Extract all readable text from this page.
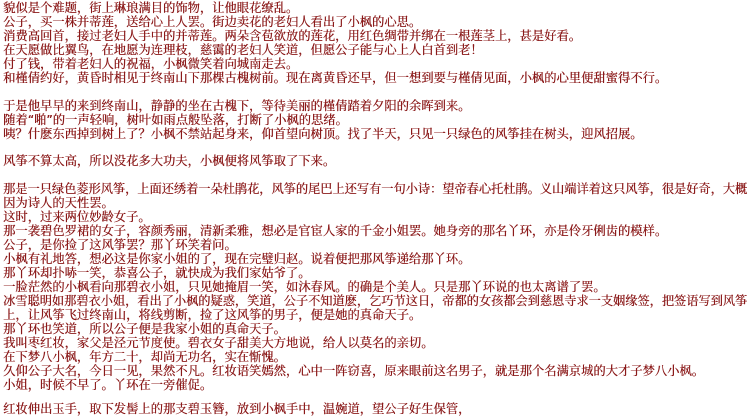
貌似是个难题，街上琳琅满目的饰物，让他眼花缭乱。
公子，买一株并蒂莲，送给心上人罢。街边卖花的老妇人看出了小枫的心思。
消费高回首，接过老妇人手中的并蒂莲。两朵含苞欲放的莲花，用红色绸带并绑在一根莲茎上，甚是好看。
在天愿做比翼鸟，在地愿为连理枝，慈霭的老妇人笑道，但愿公子能与心上人白首到老！
付了钱，带着老妇人的祝福，小枫微笑着向城南走去。
和槿倩约好，黄昏时相见于终南山下那棵古槐树前。现在离黄昏还早，但一想到要与槿倩见面，小枫的心里便甜蜜得不行。
于是他早早的来到终南山，静静的坐在古槐下，等待美丽的槿倩踏着夕阳的余晖到来。
随着“啪”的一声轻响，树叶如雨点般坠落，打断了小枫的思绪。
咦？什麽东西掉到树上了？小枫不禁站起身来，仰首望向树顶。找了半天，只见一只绿色的风筝挂在树头，迎风招展。
风筝不算太高，所以没花多大功夫，小枫便将风筝取了下来。
那是一只绿色菱形风筝，上面还绣着一朵杜鹃花，风筝的尾巴上还写有一句小诗：望帝春心托杜鹃。义山端详着这只风筝，很是好奇，大概
因为诗人的天性罢。
这时，过来两位妙龄女子。
那一袭碧色罗裙的女子，容颜秀丽，清新柔雅，想必是官宦人家的千金小姐罢。她身旁的那名丫环，亦是伶牙俐齿的模样。
公子，是你捡了这风筝罢？那丫环笑着问。
小枫有礼地答，想必这是你家小姐的了，现在完璧归赵。说着便把那风筝递给那丫环。
那丫环却扑哧一笑，恭喜公子，就快成为我们家姑爷了。
一脸茫然的小枫看向那碧衣小姐，只见她掩眉一笑，如沐春风。的确是个美人。只是那丫环说的也太离谱了罢。
冰雪聪明如那碧衣小姐，看出了小枫的疑惑，笑道，公子不知道麽，乞巧节这日，帝都的女孩都会到慈恩寺求一支姻缘签，把签语写到风筝
上，让风筝飞过终南山，将线剪断，捡了这风筝的男子，便是她的真命天子。
那丫环也笑道，所以公子便是我家小姐的真命天子。
我叫枣红妆，家父是泾元节度使。碧衣女子甜美大方地说，给人以莫名的亲切。
在下梦八小枫，年方二十，却尚无功名，实在惭愧。
久仰公子大名，今日一见，果然不凡。红妆语笑嫣然，心中一阵窃喜，原来眼前这名男子，就是那个名满京城的大才子梦八小枫。
小姐，时候不早了。丫环在一旁催促。
红妆伸出玉手，取下发髻上的那支碧玉簪，放到小枫手中，温婉道，望公子好生保管，
